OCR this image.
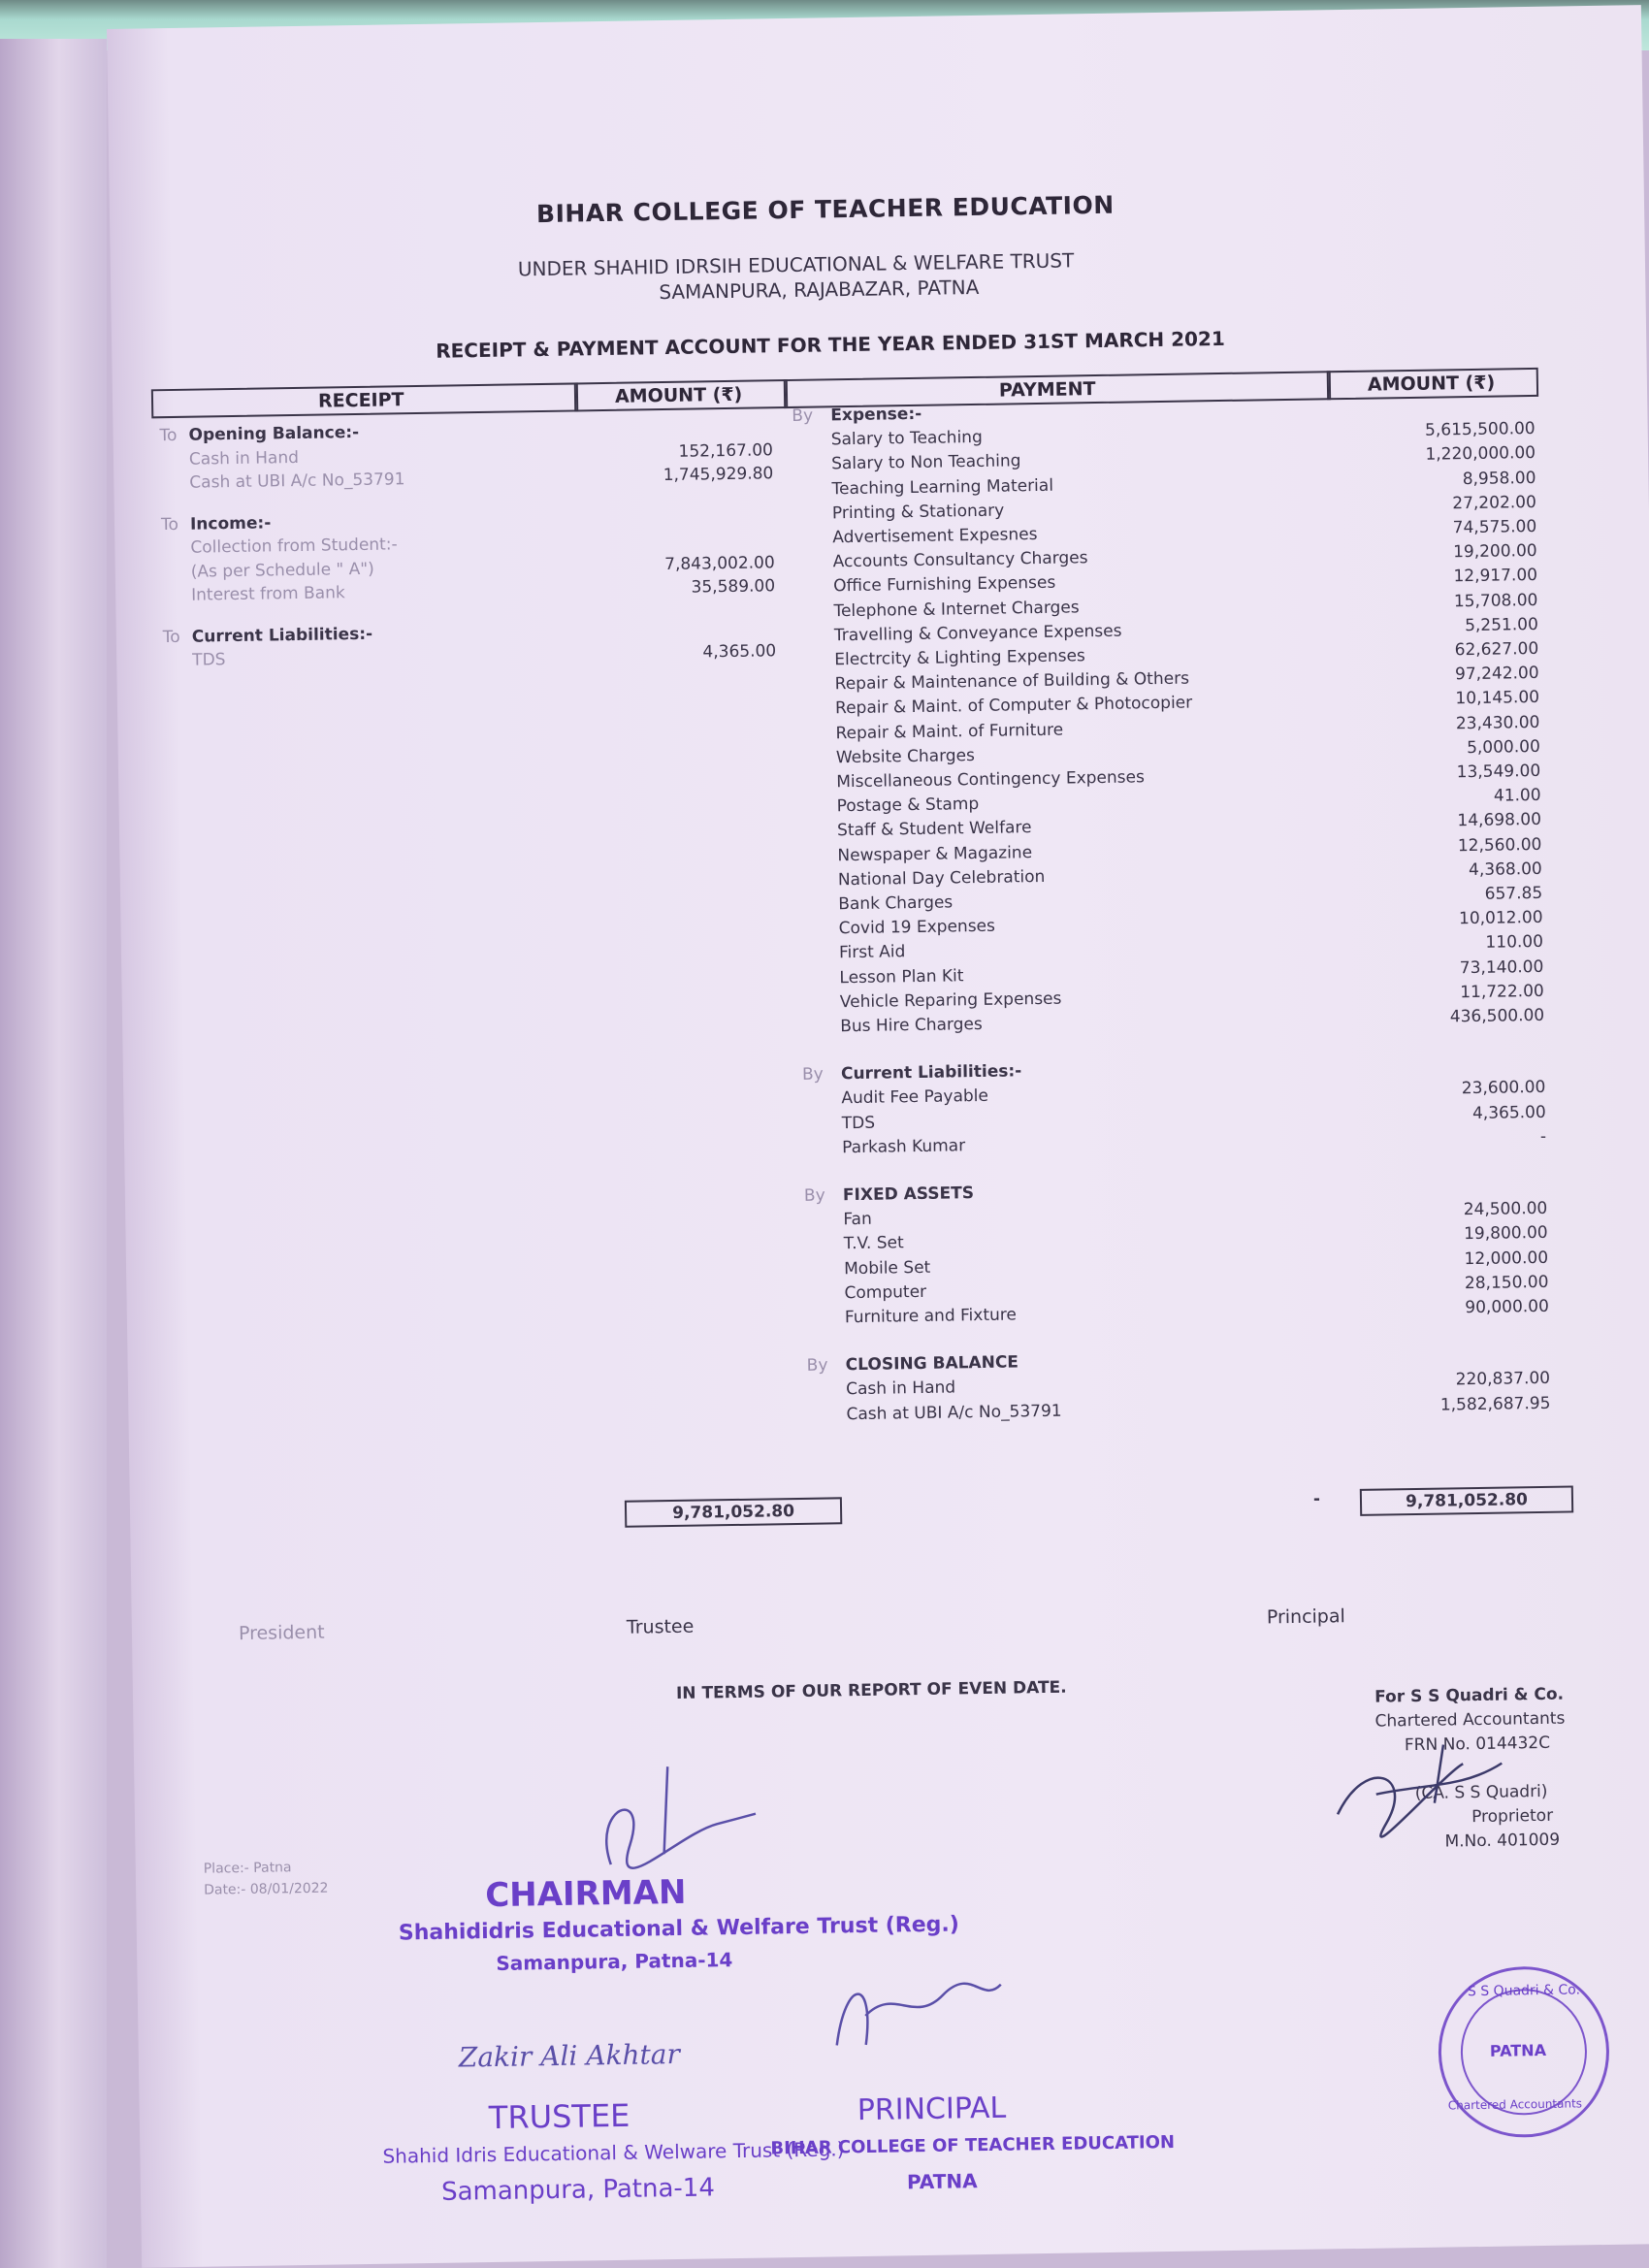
BIHAR COLLEGE OF TEACHER EDUCATION
UNDER SHAHID IDRSIH EDUCATIONAL & WELFARE TRUST
SAMANPURA, RAJABAZAR, PATNA
RECEIPT & PAYMENT ACCOUNT FOR THE YEAR ENDED 31ST MARCH 2021
RECEIPT	AMOUNT (₹)	PAYMENT	AMOUNT (₹)
To Opening Balance:-
Cash in Hand	152,167.00
Cash at UBI A/c No_53791	1,745,929.80
To Income:-
Collection from Student:-
(As per Schedule " A")	7,843,002.00
Interest from Bank	35,589.00
To Current Liabilities:-
TDS	4,365.00
By Expense:-
Salary to Teaching	5,615,500.00
Salary to Non Teaching	1,220,000.00
Teaching Learning Material	8,958.00
Printing & Stationary	27,202.00
Advertisement Expesnes	74,575.00
Accounts Consultancy Charges	19,200.00
Office Furnishing Expenses	12,917.00
Telephone & Internet Charges	15,708.00
Travelling & Conveyance Expenses	5,251.00
Electrcity & Lighting Expenses	62,627.00
Repair & Maintenance of Building & Others	97,242.00
Repair & Maint. of Computer & Photocopier	10,145.00
Repair & Maint. of Furniture	23,430.00
Website Charges	5,000.00
Miscellaneous Contingency Expenses	13,549.00
Postage & Stamp	41.00
Staff & Student Welfare	14,698.00
Newspaper & Magazine	12,560.00
National Day Celebration	4,368.00
Bank Charges	657.85
Covid 19 Expenses	10,012.00
First Aid	110.00
Lesson Plan Kit	73,140.00
Vehicle Reparing Expenses	11,722.00
Bus Hire Charges	436,500.00
By Current Liabilities:-
Audit Fee Payable	23,600.00
TDS	4,365.00
Parkash Kumar	-
By FIXED ASSETS
Fan	24,500.00
T.V. Set	19,800.00
Mobile Set	12,000.00
Computer	28,150.00
Furniture and Fixture	90,000.00
By CLOSING BALANCE
Cash in Hand	220,837.00
Cash at UBI A/c No_53791	1,582,687.95
9,781,052.80
-	9,781,052.80
President	Trustee	Principal
IN TERMS OF OUR REPORT OF EVEN DATE.	For S S Quadri & Co.
Chartered Accountants
FRN No. 014432C
(CA. S S Quadri)
Proprietor
M.No. 401009
Place:- Patna
Date:- 08/01/2022	CHAIRMAN
Shahididris Educational & Welfare Trust (Reg.)
Samanpura, Patna-14
Zakir Ali Akhtar
TRUSTEE
Shahid Idris Educational & Welware Trust (Reg.)
Samanpura, Patna-14
PRINCIPAL
BIHAR COLLEGE OF TEACHER EDUCATION
PATNA
S S Quadri & Co.
PATNA
Chartered Accountants
